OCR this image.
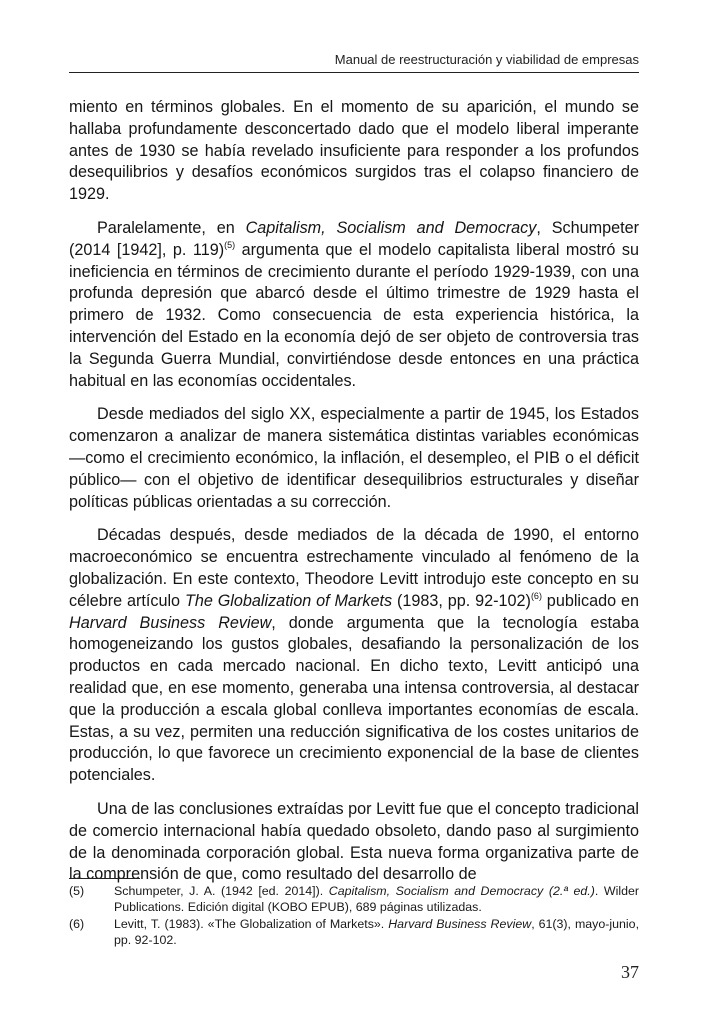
Manual de reestructuración y viabilidad de empresas

miento en términos globales. En el momento de su aparición, el mundo se hallaba profundamente desconcertado dado que el modelo liberal imperante antes de 1930 se había revelado insuficiente para responder a los profundos desequilibrios y desafíos económicos surgidos tras el colapso financiero de 1929.

Paralelamente, en Capitalism, Socialism and Democracy, Schumpeter (2014 [1942], p. 119)$^{(5)}$ argumenta que el modelo capitalista liberal mostró su ineficiencia en términos de crecimiento durante el período 1929-1939, con una profunda depresión que abarcó desde el último trimestre de 1929 hasta el primero de 1932. Como consecuencia de esta experiencia histórica, la intervención del Estado en la economía dejó de ser objeto de controversia tras la Segunda Guerra Mundial, convirtiéndose desde entonces en una práctica habitual en las economías occidentales.

Desde mediados del siglo XX, especialmente a partir de 1945, los Estados comenzaron a analizar de manera sistemática distintas variables económicas —como el crecimiento económico, la inflación, el desempleo, el PIB o el déficit público— con el objetivo de identificar desequilibrios estructurales y diseñar políticas públicas orientadas a su corrección.

Décadas después, desde mediados de la década de 1990, el entorno macroeconómico se encuentra estrechamente vinculado al fenómeno de la globalización. En este contexto, Theodore Levitt introdujo este concepto en su célebre artículo The Globalization of Markets (1983, pp. 92-102)$^{(6)}$ publicado en Harvard Business Review, donde argumenta que la tecnología estaba homogeneizando los gustos globales, desafiando la personalización de los productos en cada mercado nacional. En dicho texto, Levitt anticipó una realidad que, en ese momento, generaba una intensa controversia, al destacar que la producción a escala global conlleva importantes economías de escala. Estas, a su vez, permiten una reducción significativa de los costes unitarios de producción, lo que favorece un crecimiento exponencial de la base de clientes potenciales.

Una de las conclusiones extraídas por Levitt fue que el concepto tradicional de comercio internacional había quedado obsoleto, dando paso al surgimiento de la denominada corporación global. Esta nueva forma organizativa parte de la comprensión de que, como resultado del desarrollo de

(5)	Schumpeter, J. A. (1942 [ed. 2014]). Capitalism, Socialism and Democracy (2.ª ed.). Wilder Publications. Edición digital (KOBO EPUB), 689 páginas utilizadas.
(6)	Levitt, T. (1983). «The Globalization of Markets». Harvard Business Review, 61(3), mayo-junio, pp. 92-102.
37
